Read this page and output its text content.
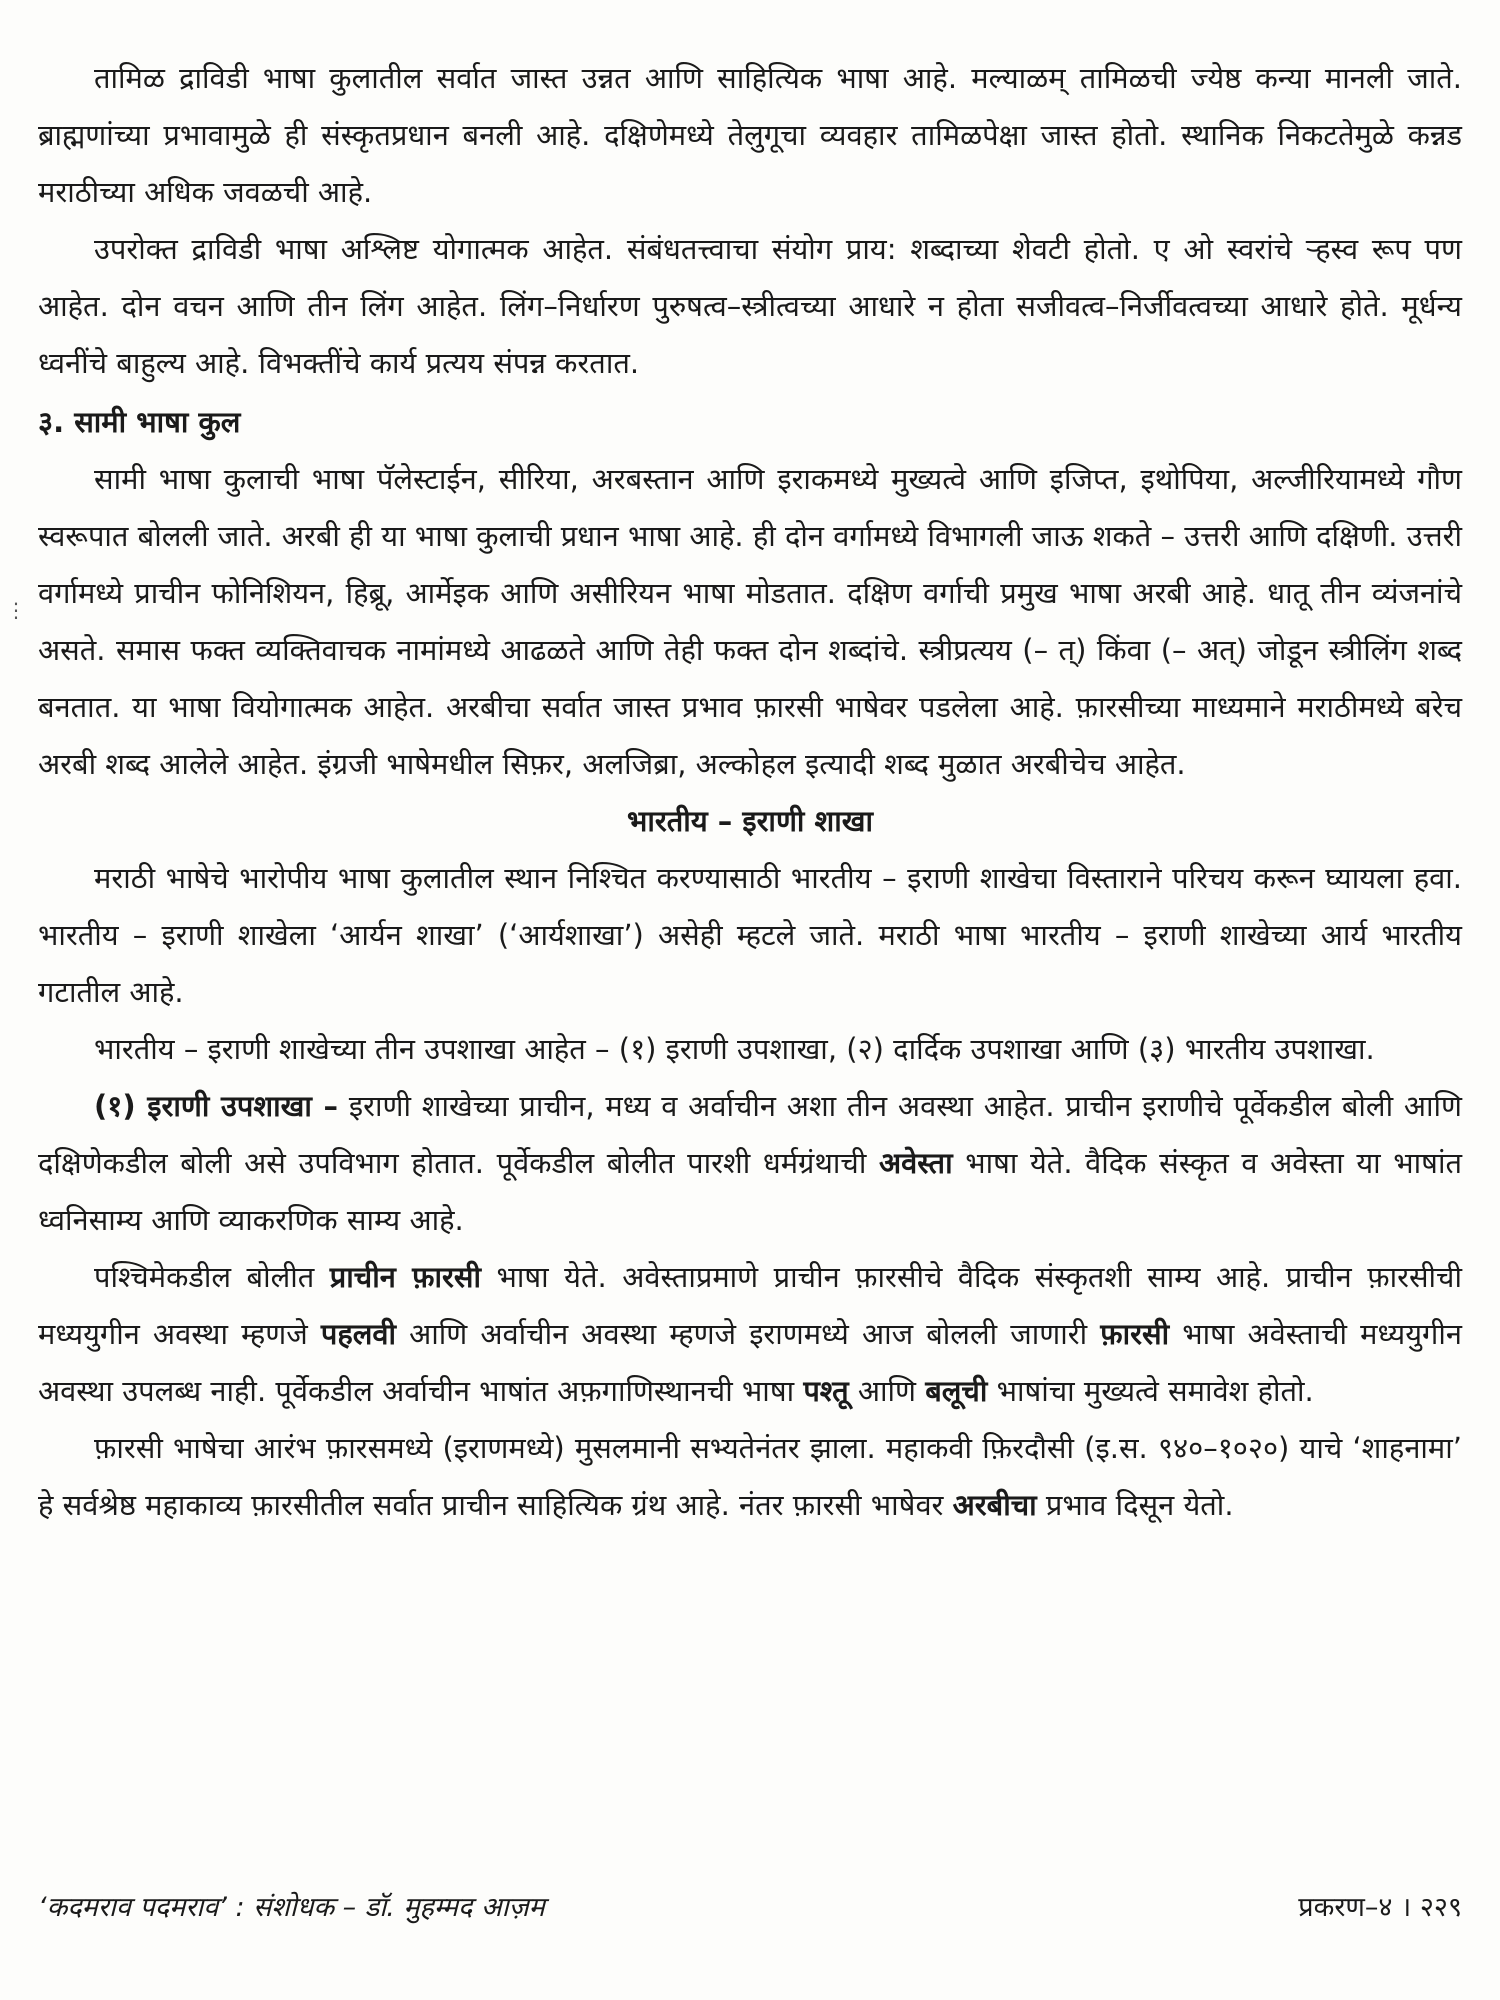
⋮

तामिळ द्राविडी भाषा कुलातील सर्वात जास्त उन्नत आणि साहित्यिक भाषा आहे. मल्याळम् तामिळची ज्येष्ठ कन्या मानली जाते. ब्राह्मणांच्या प्रभावामुळे ही संस्कृतप्रधान बनली आहे. दक्षिणेमध्ये तेलुगूचा व्यवहार तामिळपेक्षा जास्त होतो. स्थानिक निकटतेमुळे कन्नड मराठीच्या अधिक जवळची आहे.

उपरोक्त द्राविडी भाषा अश्लिष्ट योगात्मक आहेत. संबंधतत्त्वाचा संयोग प्राय: शब्दाच्या शेवटी होतो. ए ओ स्वरांचे ऱ्हस्व रूप पण आहेत. दोन वचन आणि तीन लिंग आहेत. लिंग–निर्धारण पुरुषत्व–स्त्रीत्वच्या आधारे न होता सजीवत्व–निर्जीवत्वच्या आधारे होते. मूर्धन्य ध्वनींचे बाहुल्य आहे. विभक्तींचे कार्य प्रत्यय संपन्न करतात.

३. सामी भाषा कुल

सामी भाषा कुलाची भाषा पॅलेस्टाईन, सीरिया, अरबस्तान आणि इराकमध्ये मुख्यत्वे आणि इजिप्त, इथोपिया, अल्जीरियामध्ये गौण स्वरूपात बोलली जाते. अरबी ही या भाषा कुलाची प्रधान भाषा आहे. ही दोन वर्गामध्ये विभागली जाऊ शकते – उत्तरी आणि दक्षिणी. उत्तरी वर्गामध्ये प्राचीन फोनिशियन, हिब्रू, आर्मेइक आणि असीरियन भाषा मोडतात. दक्षिण वर्गाची प्रमुख भाषा अरबी आहे. धातू तीन व्यंजनांचे असते. समास फक्त व्यक्तिवाचक नामांमध्ये आढळते आणि तेही फक्त दोन शब्दांचे. स्त्रीप्रत्यय (– त्) किंवा (– अत्) जोडून स्त्रीलिंग शब्द बनतात. या भाषा वियोगात्मक आहेत. अरबीचा सर्वात जास्त प्रभाव फ़ारसी भाषेवर पडलेला आहे. फ़ारसीच्या माध्यमाने मराठीमध्ये बरेच अरबी शब्द आलेले आहेत. इंग्रजी भाषेमधील सिफ़र, अलजिब्रा, अल्कोहल इत्यादी शब्द मुळात अरबीचेच आहेत.

भारतीय – इराणी शाखा

मराठी भाषेचे भारोपीय भाषा कुलातील स्थान निश्चित करण्यासाठी भारतीय – इराणी शाखेचा विस्ताराने परिचय करून घ्यायला हवा. भारतीय – इराणी शाखेला ‘आर्यन शाखा’ (‘आर्यशाखा’) असेही म्हटले जाते. मराठी भाषा भारतीय – इराणी शाखेच्या आर्य भारतीय गटातील आहे.

भारतीय – इराणी शाखेच्या तीन उपशाखा आहेत – (१) इराणी उपशाखा, (२) दार्दिक उपशाखा आणि (३) भारतीय उपशाखा.

(१) इराणी उपशाखा – इराणी शाखेच्या प्राचीन, मध्य व अर्वाचीन अशा तीन अवस्था आहेत. प्राचीन इराणीचे पूर्वेकडील बोली आणि दक्षिणेकडील बोली असे उपविभाग होतात. पूर्वेकडील बोलीत पारशी धर्मग्रंथाची अवेस्ता भाषा येते. वैदिक संस्कृत व अवेस्ता या भाषांत ध्वनिसाम्य आणि व्याकरणिक साम्य आहे.

पश्चिमेकडील बोलीत प्राचीन फ़ारसी भाषा येते. अवेस्ताप्रमाणे प्राचीन फ़ारसीचे वैदिक संस्कृतशी साम्य आहे. प्राचीन फ़ारसीची मध्ययुगीन अवस्था म्हणजे पहलवी आणि अर्वाचीन अवस्था म्हणजे इराणमध्ये आज बोलली जाणारी फ़ारसी भाषा अवेस्ताची मध्ययुगीन अवस्था उपलब्ध नाही. पूर्वेकडील अर्वाचीन भाषांत अफ़गाणिस्थानची भाषा पश्तू आणि बलूची भाषांचा मुख्यत्वे समावेश होतो.

फ़ारसी भाषेचा आरंभ फ़ारसमध्ये (इराणमध्ये) मुसलमानी सभ्यतेनंतर झाला. महाकवी फ़िरदौसी (इ.स. ९४०–१०२०) याचे ‘शाहनामा’ हे सर्वश्रेष्ठ महाकाव्य फ़ारसीतील सर्वात प्राचीन साहित्यिक ग्रंथ आहे. नंतर फ़ारसी भाषेवर अरबीचा प्रभाव दिसून येतो.

‘कदमराव पदमराव’ : संशोधक – डॉ. मुहम्मद आज़म	प्रकरण–४ । २२९
